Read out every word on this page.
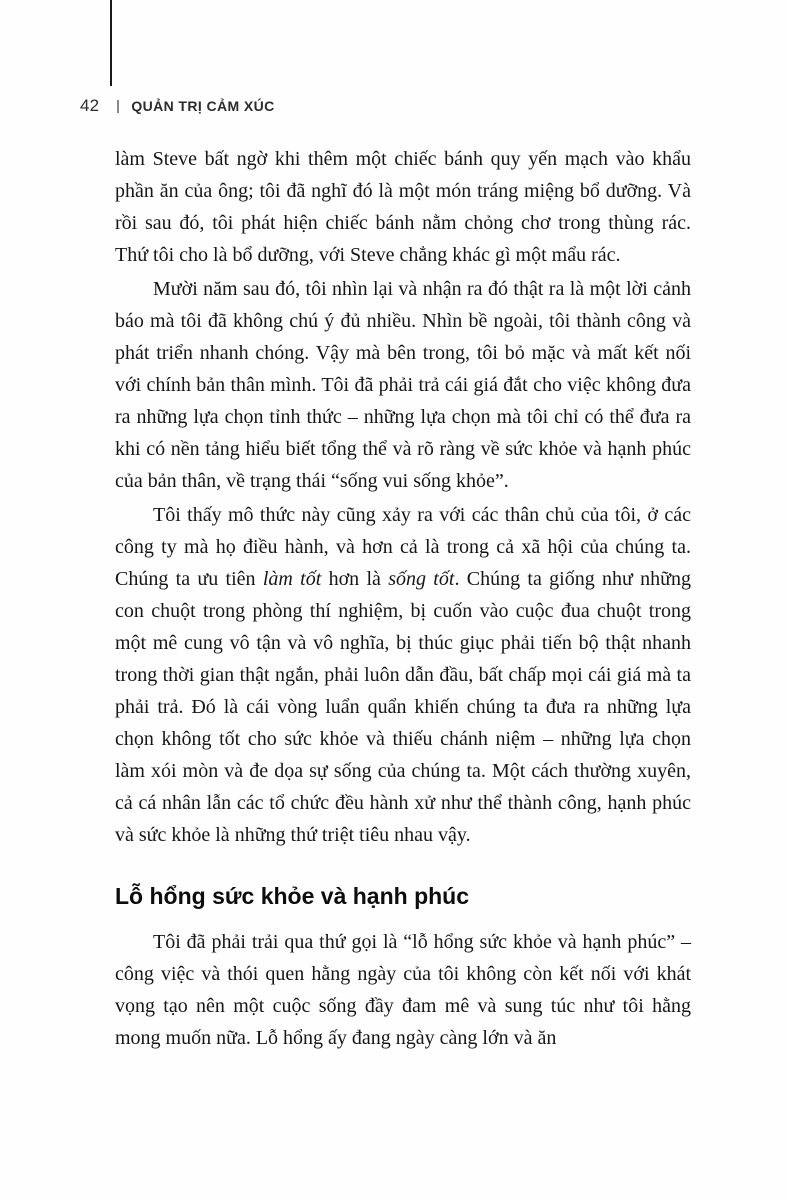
42 QUẢN TRỊ CẢM XÚC

làm Steve bất ngờ khi thêm một chiếc bánh quy yến mạch vào khẩu phần ăn của ông; tôi đã nghĩ đó là một món tráng miệng bổ dưỡng. Và rồi sau đó, tôi phát hiện chiếc bánh nằm chỏng chơ trong thùng rác. Thứ tôi cho là bổ dưỡng, với Steve chẳng khác gì một mẩu rác.

Mười năm sau đó, tôi nhìn lại và nhận ra đó thật ra là một lời cảnh báo mà tôi đã không chú ý đủ nhiều. Nhìn bề ngoài, tôi thành công và phát triển nhanh chóng. Vậy mà bên trong, tôi bỏ mặc và mất kết nối với chính bản thân mình. Tôi đã phải trả cái giá đắt cho việc không đưa ra những lựa chọn tỉnh thức – những lựa chọn mà tôi chỉ có thể đưa ra khi có nền tảng hiểu biết tổng thể và rõ ràng về sức khỏe và hạnh phúc của bản thân, về trạng thái “sống vui sống khỏe”.

Tôi thấy mô thức này cũng xảy ra với các thân chủ của tôi, ở các công ty mà họ điều hành, và hơn cả là trong cả xã hội của chúng ta. Chúng ta ưu tiên làm tốt hơn là sống tốt. Chúng ta giống như những con chuột trong phòng thí nghiệm, bị cuốn vào cuộc đua chuột trong một mê cung vô tận và vô nghĩa, bị thúc giục phải tiến bộ thật nhanh trong thời gian thật ngắn, phải luôn dẫn đầu, bất chấp mọi cái giá mà ta phải trả. Đó là cái vòng luẩn quẩn khiến chúng ta đưa ra những lựa chọn không tốt cho sức khỏe và thiếu chánh niệm – những lựa chọn làm xói mòn và đe dọa sự sống của chúng ta. Một cách thường xuyên, cả cá nhân lẫn các tổ chức đều hành xử như thể thành công, hạnh phúc và sức khỏe là những thứ triệt tiêu nhau vậy.

Lỗ hổng sức khỏe và hạnh phúc

Tôi đã phải trải qua thứ gọi là “lỗ hổng sức khỏe và hạnh phúc” – công việc và thói quen hằng ngày của tôi không còn kết nối với khát vọng tạo nên một cuộc sống đầy đam mê và sung túc như tôi hằng mong muốn nữa. Lỗ hổng ấy đang ngày càng lớn và ăn
